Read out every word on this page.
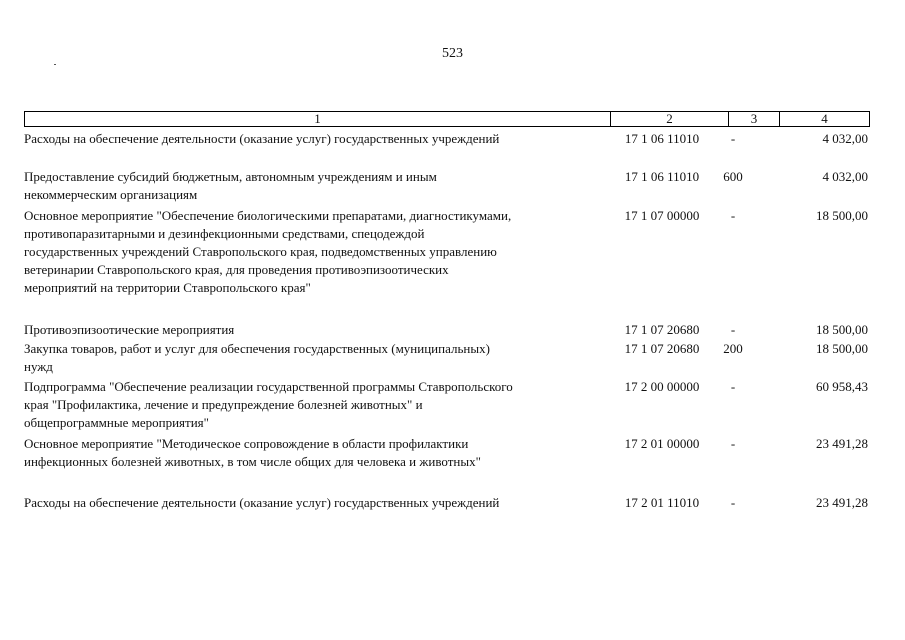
523
1	2	3	4
Расходы на обеспечение деятельности (оказание услуг) государственных учреждений	17 1 06 11010	-	4 032,00
Предоставление субсидий бюджетным, автономным учреждениям и иным
некоммерческим организациям
17 1 06 11010	600	4 032,00
Основное мероприятие "Обеспечение биологическими препаратами, диагностикумами,
противопаразитарными и дезинфекционными средствами, спецодеждой
государственных учреждений Ставропольского края, подведомственных управлению
ветеринарии Ставропольского края, для проведения противоэпизоотических
мероприятий на территории Ставропольского края"
17 1 07 00000	-	18 500,00
Противоэпизоотические мероприятия	17 1 07 20680	-	18 500,00
Закупка товаров, работ и услуг для обеспечения государственных (муниципальных)
нужд
17 1 07 20680	200	18 500,00
Подпрограмма "Обеспечение реализации государственной программы Ставропольского
края "Профилактика, лечение и предупреждение болезней животных" и
общепрограммные мероприятия"
17 2 00 00000	-	60 958,43
Основное мероприятие "Методическое сопровождение в области профилактики
инфекционных болезней животных, в том числе общих для человека и животных"
17 2 01 00000	-	23 491,28
Расходы на обеспечение деятельности (оказание услуг) государственных учреждений	17 2 01 11010	-	23 491,28
